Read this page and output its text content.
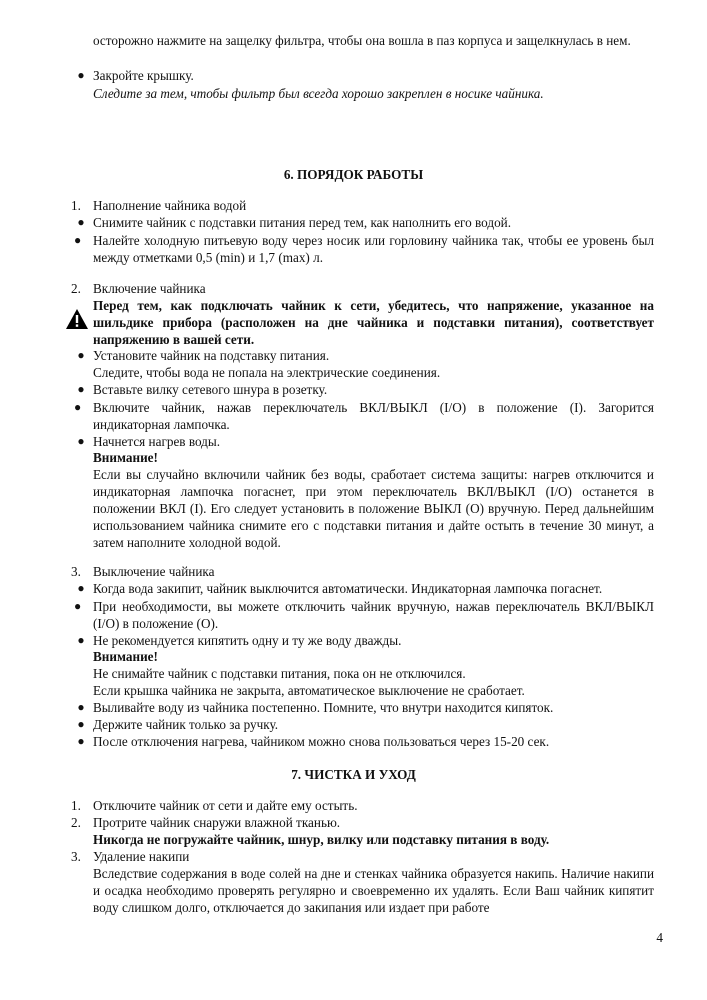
осторожно нажмите на защелку фильтра, чтобы она вошла в паз корпуса и защелкнулась в нем.

● Закройте крышку.

Следите за тем, чтобы фильтр был всегда хорошо закреплен в носике чайника.

6. ПОРЯДОК РАБОТЫ
1. Наполнение чайника водой
● Снимите чайник с подставки питания перед тем, как наполнить его водой.
● Налейте холодную питьевую воду через носик или горловину чайника так, чтобы ее уровень был между отметками 0,5 (min) и 1,7 (max) л.
2. Включение чайника

Перед тем, как подключать чайник к сети, убедитесь, что напряжение, указанное на шильдике прибора (расположен на дне чайника и подставки питания), соответствует напряжению в вашей сети.

● Установите чайник на подставку питания.

Следите, чтобы вода не попала на электрические соединения.

● Вставьте вилку сетевого шнура в розетку.
● Включите чайник, нажав переключатель ВКЛ/ВЫКЛ (I/O) в положение (I). Загорится индикаторная лампочка.
● Начнется нагрев воды.

Внимание!

Если вы случайно включили чайник без воды, сработает система защиты: нагрев отключится и индикаторная лампочка погаснет, при этом переключатель ВКЛ/ВЫКЛ (I/O) останется в положении ВКЛ (I). Его следует установить в положение ВЫКЛ (O) вручную. Перед дальнейшим использованием чайника снимите его с подставки питания и дайте остыть в течение 30 минут, а затем наполните холодной водой.

3. Выключение чайника
● Когда вода закипит, чайник выключится автоматически. Индикаторная лампочка погаснет.
● При необходимости, вы можете отключить чайник вручную, нажав переключатель ВКЛ/ВЫКЛ (I/O) в положение (O).
● Не рекомендуется кипятить одну и ту же воду дважды.

Внимание!

Не снимайте чайник с подставки питания, пока он не отключился.

Если крышка чайника не закрыта, автоматическое выключение не сработает.

● Выливайте воду из чайника постепенно. Помните, что внутри находится кипяток.
● Держите чайник только за ручку.
● После отключения нагрева, чайником можно снова пользоваться через 15-20 сек.
7. ЧИСТКА И УХОД
1. Отключите чайник от сети и дайте ему остыть.
2. Протрите чайник снаружи влажной тканью.

Никогда не погружайте чайник, шнур, вилку или подставку питания в воду.

3. Удаление накипи

Вследствие содержания в воде солей на дне и стенках чайника образуется накипь. Наличие накипи и осадка необходимо проверять регулярно и своевременно их удалять. Если Ваш чайник кипятит воду слишком долго, отключается до закипания или издает при работе

4
